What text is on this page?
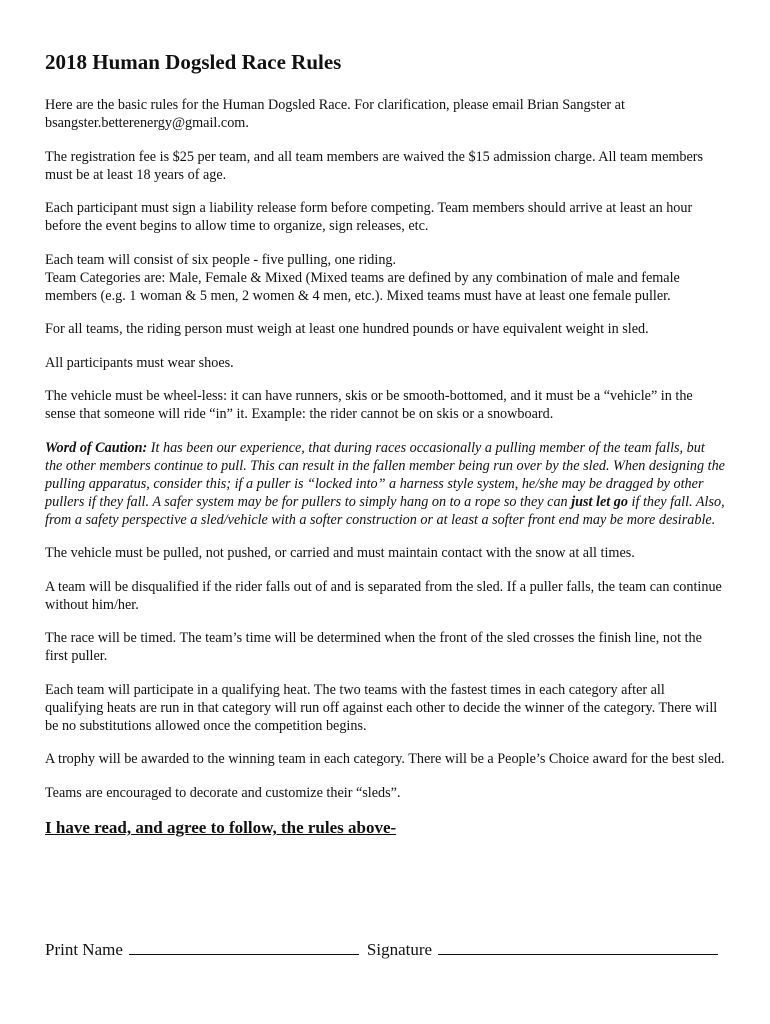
2018 Human Dogsled Race Rules

Here are the basic rules for the Human Dogsled Race. For clarification, please email Brian Sangster at bsangster.betterenergy@gmail.com.

The registration fee is $25 per team, and all team members are waived the $15 admission charge. All team members must be at least 18 years of age.

Each participant must sign a liability release form before competing. Team members should arrive at least an hour before the event begins to allow time to organize, sign releases, etc.

Each team will consist of six people - five pulling, one riding.

Team Categories are: Male, Female & Mixed (Mixed teams are defined by any combination of male and female members (e.g. 1 woman & 5 men, 2 women & 4 men, etc.). Mixed teams must have at least one female puller.

For all teams, the riding person must weigh at least one hundred pounds or have equivalent weight in sled.

All participants must wear shoes.

The vehicle must be wheel-less: it can have runners, skis or be smooth-bottomed, and it must be a “vehicle” in the sense that someone will ride “in” it. Example: the rider cannot be on skis or a snowboard.

Word of Caution: It has been our experience, that during races occasionally a pulling member of the team falls, but the other members continue to pull. This can result in the fallen member being run over by the sled. When designing the pulling apparatus, consider this; if a puller is “locked into” a harness style system, he/she may be dragged by other pullers if they fall. A safer system may be for pullers to simply hang on to a rope so they can just let go if they fall. Also, from a safety perspective a sled/vehicle with a softer construction or at least a softer front end may be more desirable.

The vehicle must be pulled, not pushed, or carried and must maintain contact with the snow at all times.

A team will be disqualified if the rider falls out of and is separated from the sled. If a puller falls, the team can continue without him/her.

The race will be timed. The team’s time will be determined when the front of the sled crosses the finish line, not the first puller.

Each team will participate in a qualifying heat. The two teams with the fastest times in each category after all qualifying heats are run in that category will run off against each other to decide the winner of the category. There will be no substitutions allowed once the competition begins.

A trophy will be awarded to the winning team in each category. There will be a People’s Choice award for the best sled.

Teams are encouraged to decorate and customize their “sleds”.

I have read, and agree to follow, the rules above-
Print Name	Signature
